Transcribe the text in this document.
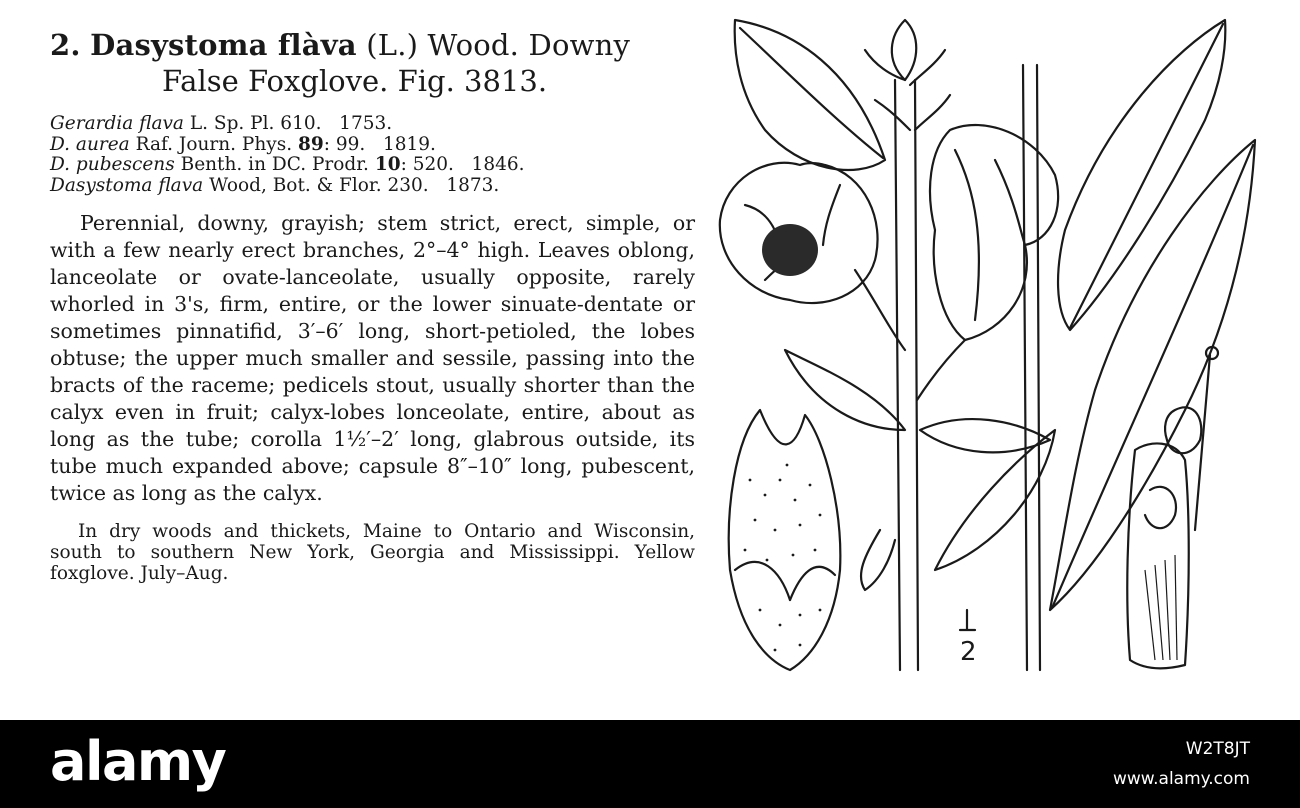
2. Dasystoma flàva (L.) Wood. Downy
False Foxglove. Fig. 3813.
Gerardia flava L. Sp. Pl. 610. 1753.
D. aurea Raf. Journ. Phys. 89: 99. 1819.
D. pubescens Benth. in DC. Prodr. 10: 520. 1846.
Dasystoma flava Wood, Bot. & Flor. 230. 1873.
Perennial, downy, grayish; stem strict, erect, simple, or with a few nearly erect branches, 2°–4° high. Leaves oblong, lanceolate or ovate-lanceolate, usually opposite, rarely whorled in 3's, firm, entire, or the lower sinuate-dentate or sometimes pinnatifid, 3′–6′ long, short-petioled, the lobes obtuse; the upper much smaller and sessile, passing into the bracts of the raceme; pedicels stout, usually shorter than the calyx even in fruit; calyx-lobes lonceolate, entire, about as long as the tube; corolla 1½′–2′ long, glabrous outside, its tube much expanded above; capsule 8″–10″ long, pubescent, twice as long as the calyx.
In dry woods and thickets, Maine to Ontario and Wisconsin, south to southern New York, Georgia and Mississippi. Yellow foxglove. July–Aug.
2
alamy	W2T8JT
www.alamy.com
